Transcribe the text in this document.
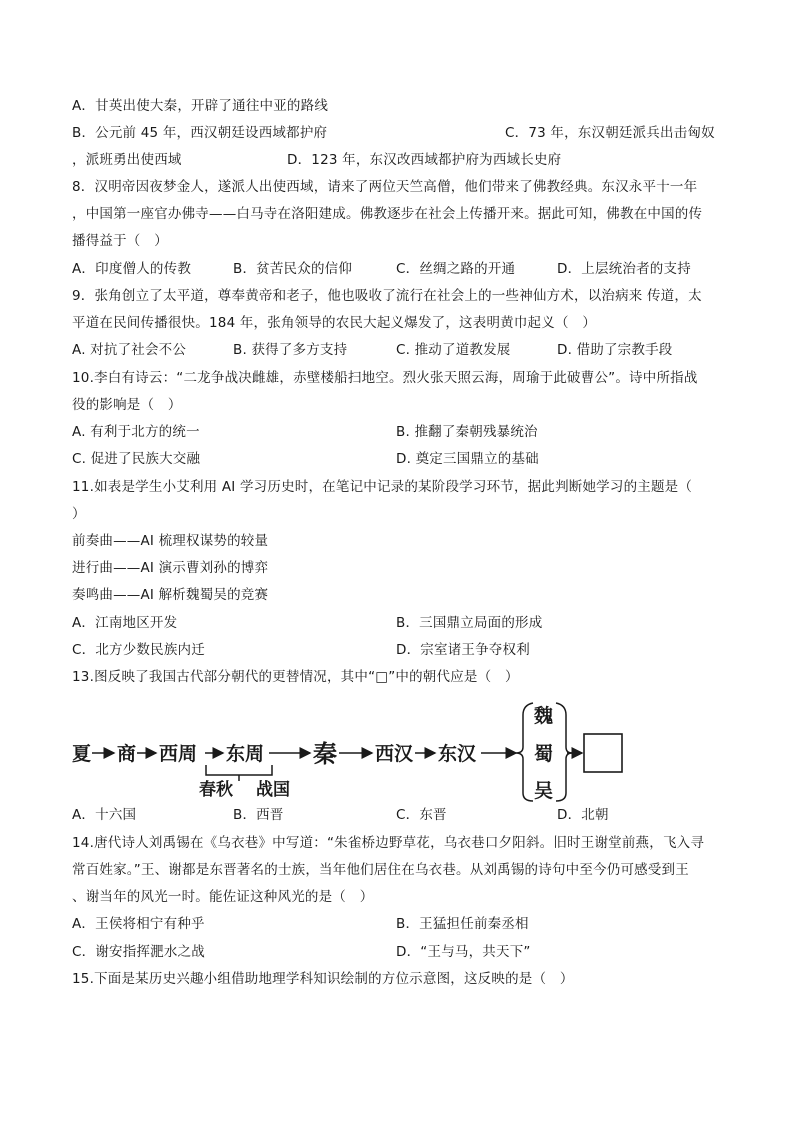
A．甘英出使大秦，开辟了通往中亚的路线
B．公元前 45 年，西汉朝廷设西域都护府	C．73 年，东汉朝廷派兵出击匈奴
，派班勇出使西域	D．123 年，东汉改西域都护府为西域长史府
8．汉明帝因夜梦金人，遂派人出使西域，请来了两位天竺高僧，他们带来了佛教经典。东汉永平十一年
，中国第一座官办佛寺——白马寺在洛阳建成。佛教逐步在社会上传播开来。据此可知，佛教在中国的传
播得益于（　）
A．印度僧人的传教	B．贫苦民众的信仰	C．丝绸之路的开通	D．上层统治者的支持
9．张角创立了太平道，尊奉黄帝和老子，他也吸收了流行在社会上的一些神仙方术，以治病来 传道，太
平道在民间传播很快。184 年，张角领导的农民大起义爆发了，这表明黄巾起义（　）
A. 对抗了社会不公	B. 获得了多方支持	C. 推动了道教发展	D. 借助了宗教手段
10.李白有诗云：“二龙争战决雌雄，赤壁楼船扫地空。烈火张天照云海，周瑜于此破曹公”。诗中所指战
役的影响是（　）
A. 有利于北方的统一	B. 推翻了秦朝残暴统治
C. 促进了民族大交融	D. 奠定三国鼎立的基础
11.如表是学生小艾利用 AI 学习历史时，在笔记中记录的某阶段学习环节，据此判断她学习的主题是（
）
前奏曲——AI 梳理权谋势的较量
进行曲——AI 演示曹刘孙的博弈
奏鸣曲——AI 解析魏蜀吴的竞赛
A．江南地区开发	B．三国鼎立局面的形成
C．北方少数民族内迁	D．宗室诸王争夺权利
13.图反映了我国古代部分朝代的更替情况，其中“□”中的朝代应是（　）
夏 商 西周 东周
春秋 战国
秦 西汉 东汉
魏
蜀
吴
A．十六国	B．西晋	C．东晋	D．北朝
14.唐代诗人刘禹锡在《乌衣巷》中写道：“朱雀桥边野草花，乌衣巷口夕阳斜。旧时王谢堂前燕，飞入寻
常百姓家。”王、谢都是东晋著名的士族，当年他们居住在乌衣巷。从刘禹锡的诗句中至今仍可感受到王
、谢当年的风光一时。能佐证这种风光的是（　）
A．王侯将相宁有种乎	B．王猛担任前秦丞相
C．谢安指挥淝水之战	D．“王与马，共天下”
15.下面是某历史兴趣小组借助地理学科知识绘制的方位示意图，这反映的是（　）
